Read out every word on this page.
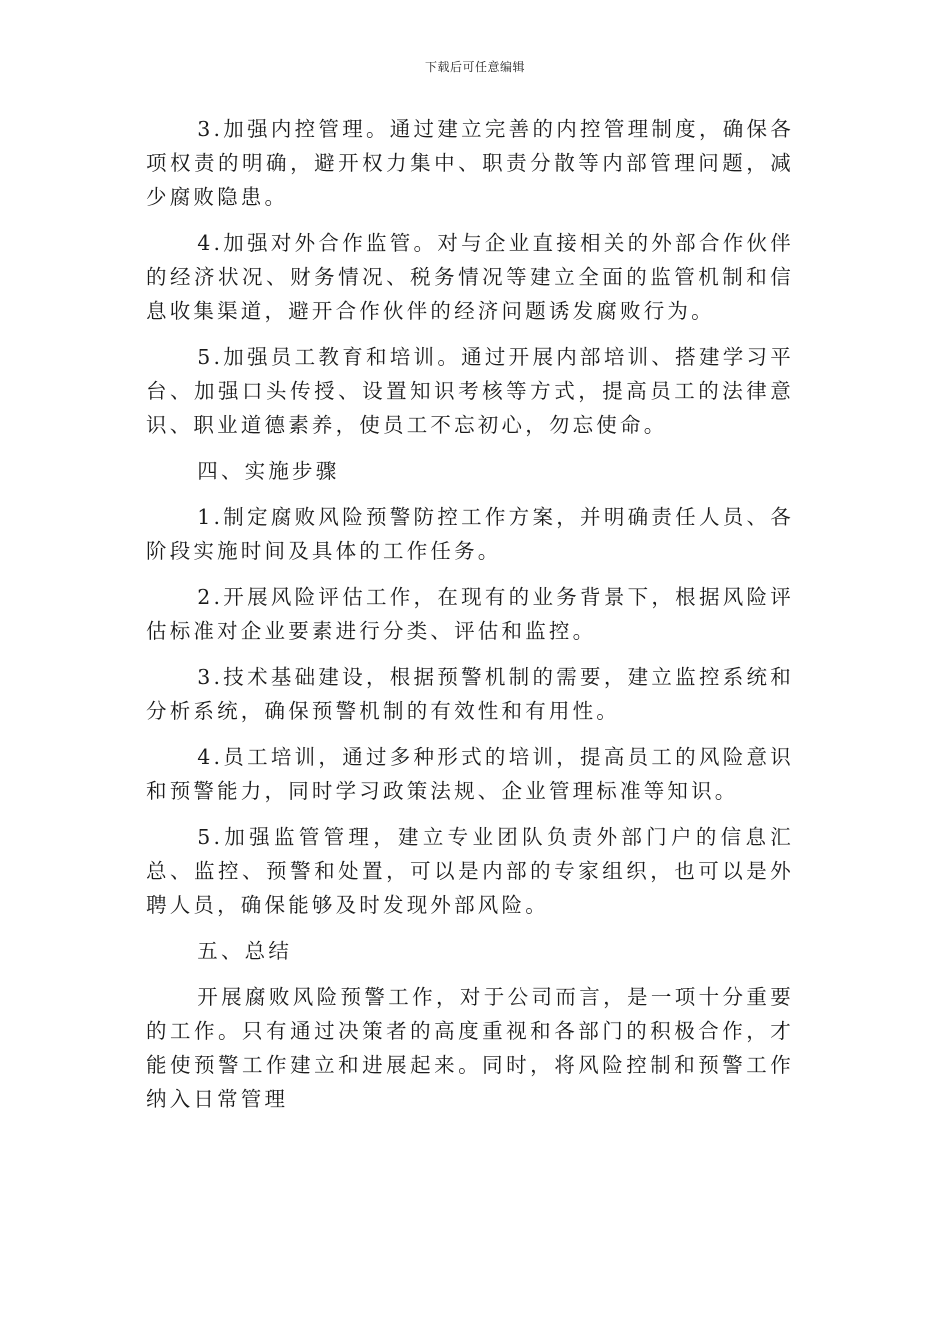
下载后可任意编辑

3.加强内控管理。通过建立完善的内控管理制度，确保各项权责的明确，避开权力集中、职责分散等内部管理问题，减少腐败隐患。

4.加强对外合作监管。对与企业直接相关的外部合作伙伴的经济状况、财务情况、税务情况等建立全面的监管机制和信息收集渠道，避开合作伙伴的经济问题诱发腐败行为。

5.加强员工教育和培训。通过开展内部培训、搭建学习平台、加强口头传授、设置知识考核等方式，提高员工的法律意识、职业道德素养，使员工不忘初心，勿忘使命。

四、实施步骤

1.制定腐败风险预警防控工作方案，并明确责任人员、各阶段实施时间及具体的工作任务。

2.开展风险评估工作，在现有的业务背景下，根据风险评估标准对企业要素进行分类、评估和监控。

3.技术基础建设，根据预警机制的需要，建立监控系统和分析系统，确保预警机制的有效性和有用性。

4.员工培训，通过多种形式的培训，提高员工的风险意识和预警能力，同时学习政策法规、企业管理标准等知识。

5.加强监管管理，建立专业团队负责外部门户的信息汇总、监控、预警和处置，可以是内部的专家组织，也可以是外聘人员，确保能够及时发现外部风险。

五、总结

开展腐败风险预警工作，对于公司而言，是一项十分重要的工作。只有通过决策者的高度重视和各部门的积极合作，才能使预警工作建立和进展起来。同时，将风险控制和预警工作纳入日常管理
